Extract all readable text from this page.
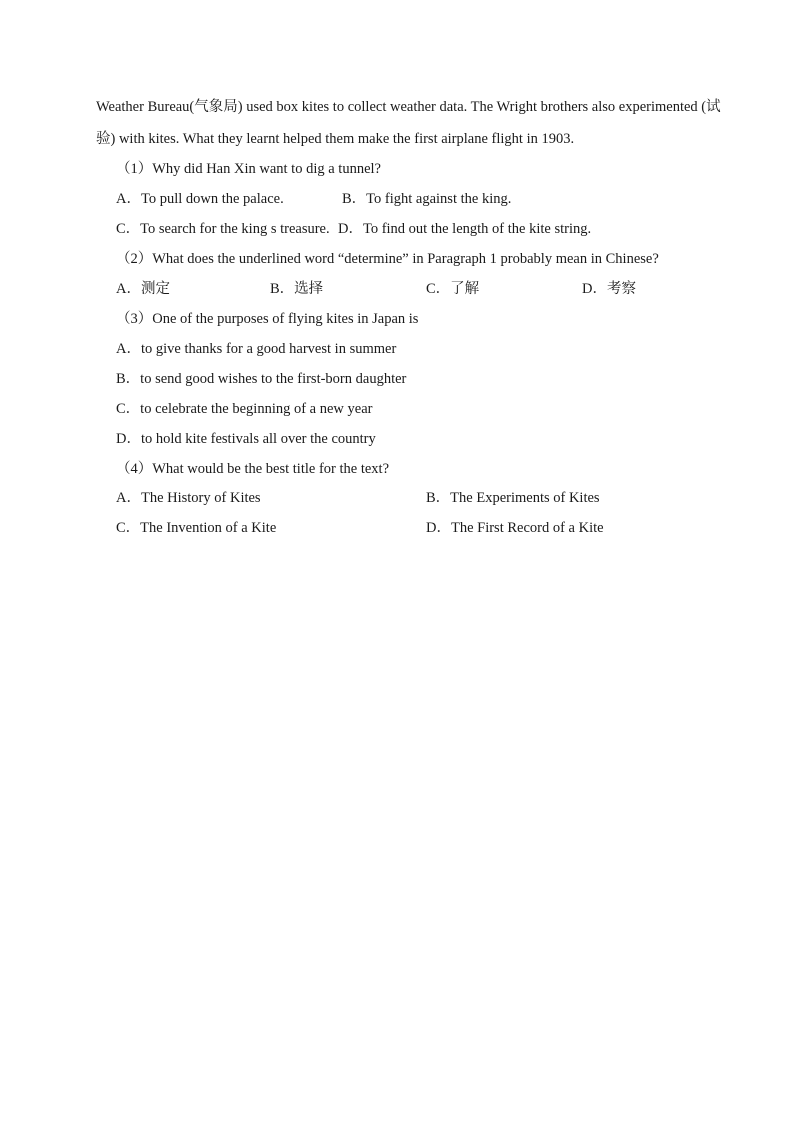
Weather Bureau(气象局) used box kites to collect weather data. The Wright brothers also experimented (试
验) with kites. What they learnt helped them make the first airplane flight in 1903.
（1）Why did Han Xin want to dig a tunnel?
A．To pull down the palace.	B．To fight against the king.
C．To search for the king s treasure. D．To find out the length of the kite string.
（2）What does the underlined word “determine” in Paragraph 1 probably mean in Chinese?
A．测定	B．选择	C．了解	D．考察
（3）One of the purposes of flying kites in Japan is
A．to give thanks for a good harvest in summer
B．to send good wishes to the first-born daughter
C．to celebrate the beginning of a new year
D．to hold kite festivals all over the country
（4）What would be the best title for the text?
A．The History of Kites	B．The Experiments of Kites
C．The Invention of a Kite	D．The First Record of a Kite
